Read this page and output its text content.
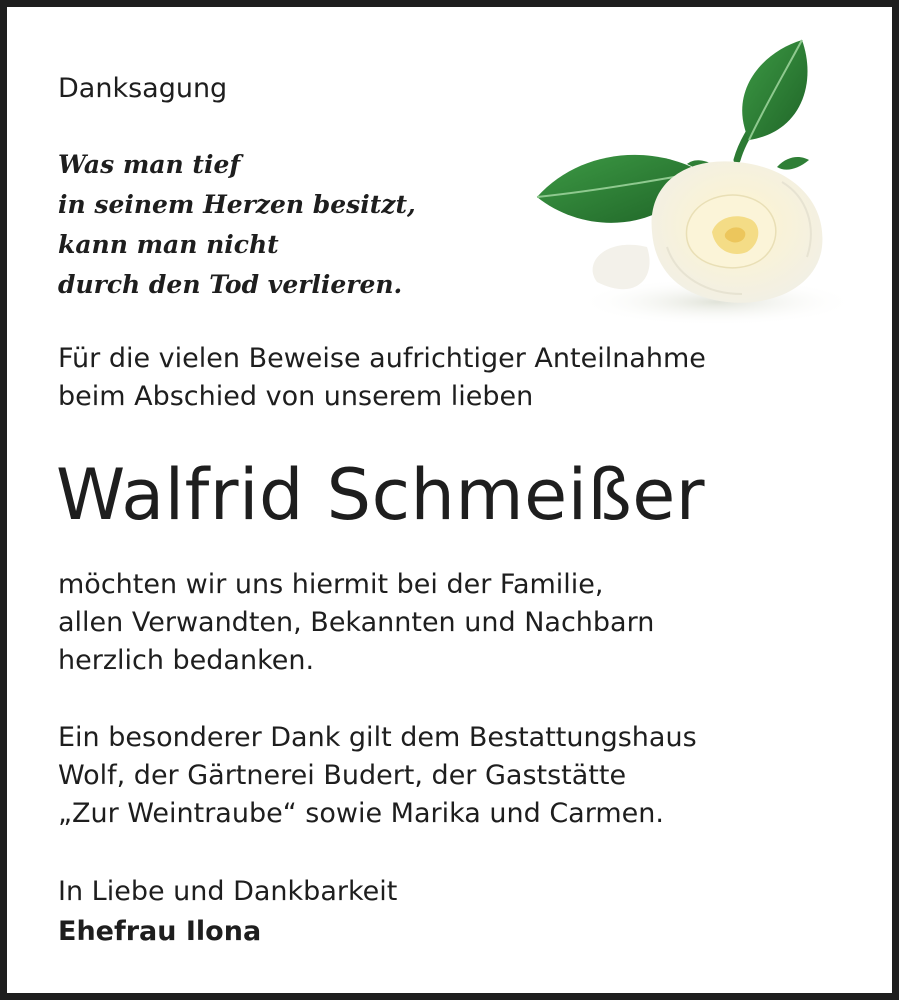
Danksagung
Was man tief
in seinem Herzen besitzt,
kann man nicht
durch den Tod verlieren.
Für die vielen Beweise aufrichtiger Anteilnahme
beim Abschied von unserem lieben
Walfrid Schmeißer
möchten wir uns hiermit bei der Familie,
allen Verwandten, Bekannten und Nachbarn
herzlich bedanken.
Ein besonderer Dank gilt dem Bestattungshaus
Wolf, der Gärtnerei Budert, der Gaststätte
„Zur Weintraube“ sowie Marika und Carmen.
In Liebe und Dankbarkeit
Ehefrau Ilona
